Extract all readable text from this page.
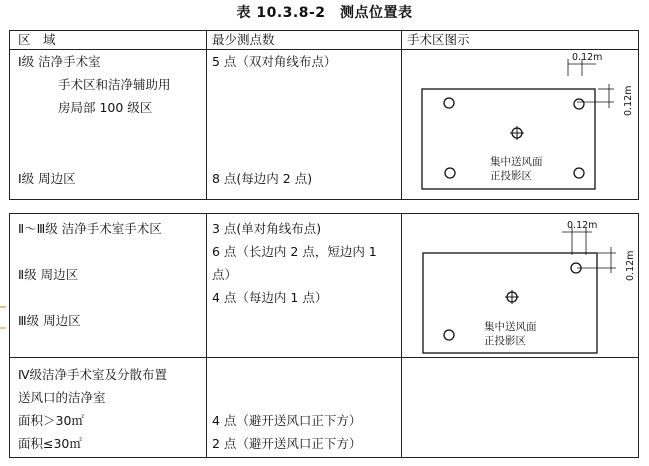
表 10.3.8-2　测点位置表
区　域	最少测点数	手术区图示
Ⅰ级 洁净手术室
手术区和洁净辅助用
房局部 100 级区
Ⅰ级 周边区
5 点（双对角线布点）
8 点(每边内 2 点)
0.12m
0.12m
集中送风面
正投影区
Ⅱ～Ⅲ级 洁净手术室手术区
Ⅱ级 周边区
Ⅲ级 周边区
3 点(单对角线布点)
6 点（长边内 2 点，短边内 1
点）
4 点（每边内 1 点）
Ⅳ级洁净手术室及分散布置
送风口的洁净室
面积＞30㎡
面积≤30㎡
4 点（避开送风口正下方）
2 点（避开送风口正下方）
0.12m
0.12m
集中送风面
正投影区
